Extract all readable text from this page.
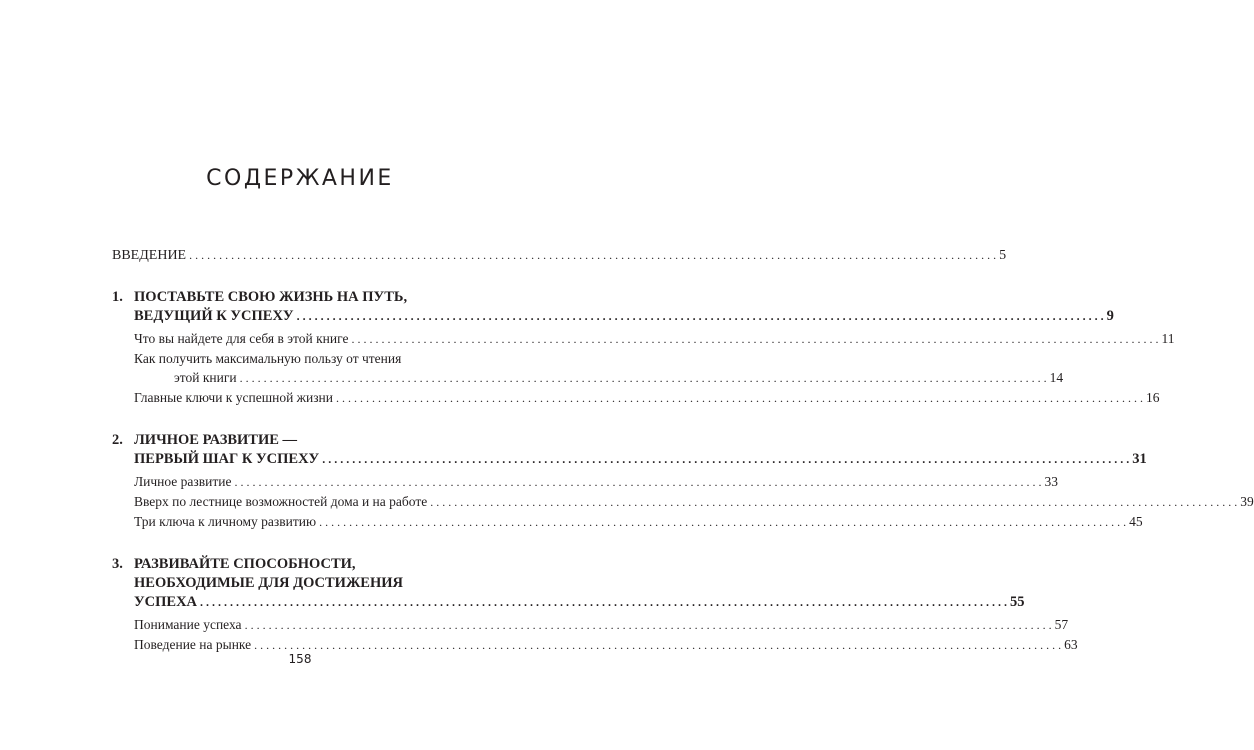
СОДЕРЖАНИЕ
ВВЕДЕНИЕ . . .	5
1. ПОСТАВЬТЕ СВОЮ ЖИЗНЬ НА ПУТЬ,
ВЕДУЩИЙ К УСПЕХУ . . .	9
Что вы найдете для себя в этой книге . . .	11
Как получить максимальную пользу от чтения
этой книги . . .	14
Главные ключи к успешной жизни . . .	16
2. ЛИЧНОЕ РАЗВИТИЕ —
ПЕРВЫЙ ШАГ К УСПЕХУ . . .	31
Личное развитие . . .	33
Вверх по лестнице возможностей дома и на работе . . .	39
Три ключа к личному развитию . . .	45
3. РАЗВИВАЙТЕ СПОСОБНОСТИ,
НЕОБХОДИМЫЕ ДЛЯ ДОСТИЖЕНИЯ
УСПЕХА . . .	55
Понимание успеха . . .	57
Поведение на рынке . . .	63
158
